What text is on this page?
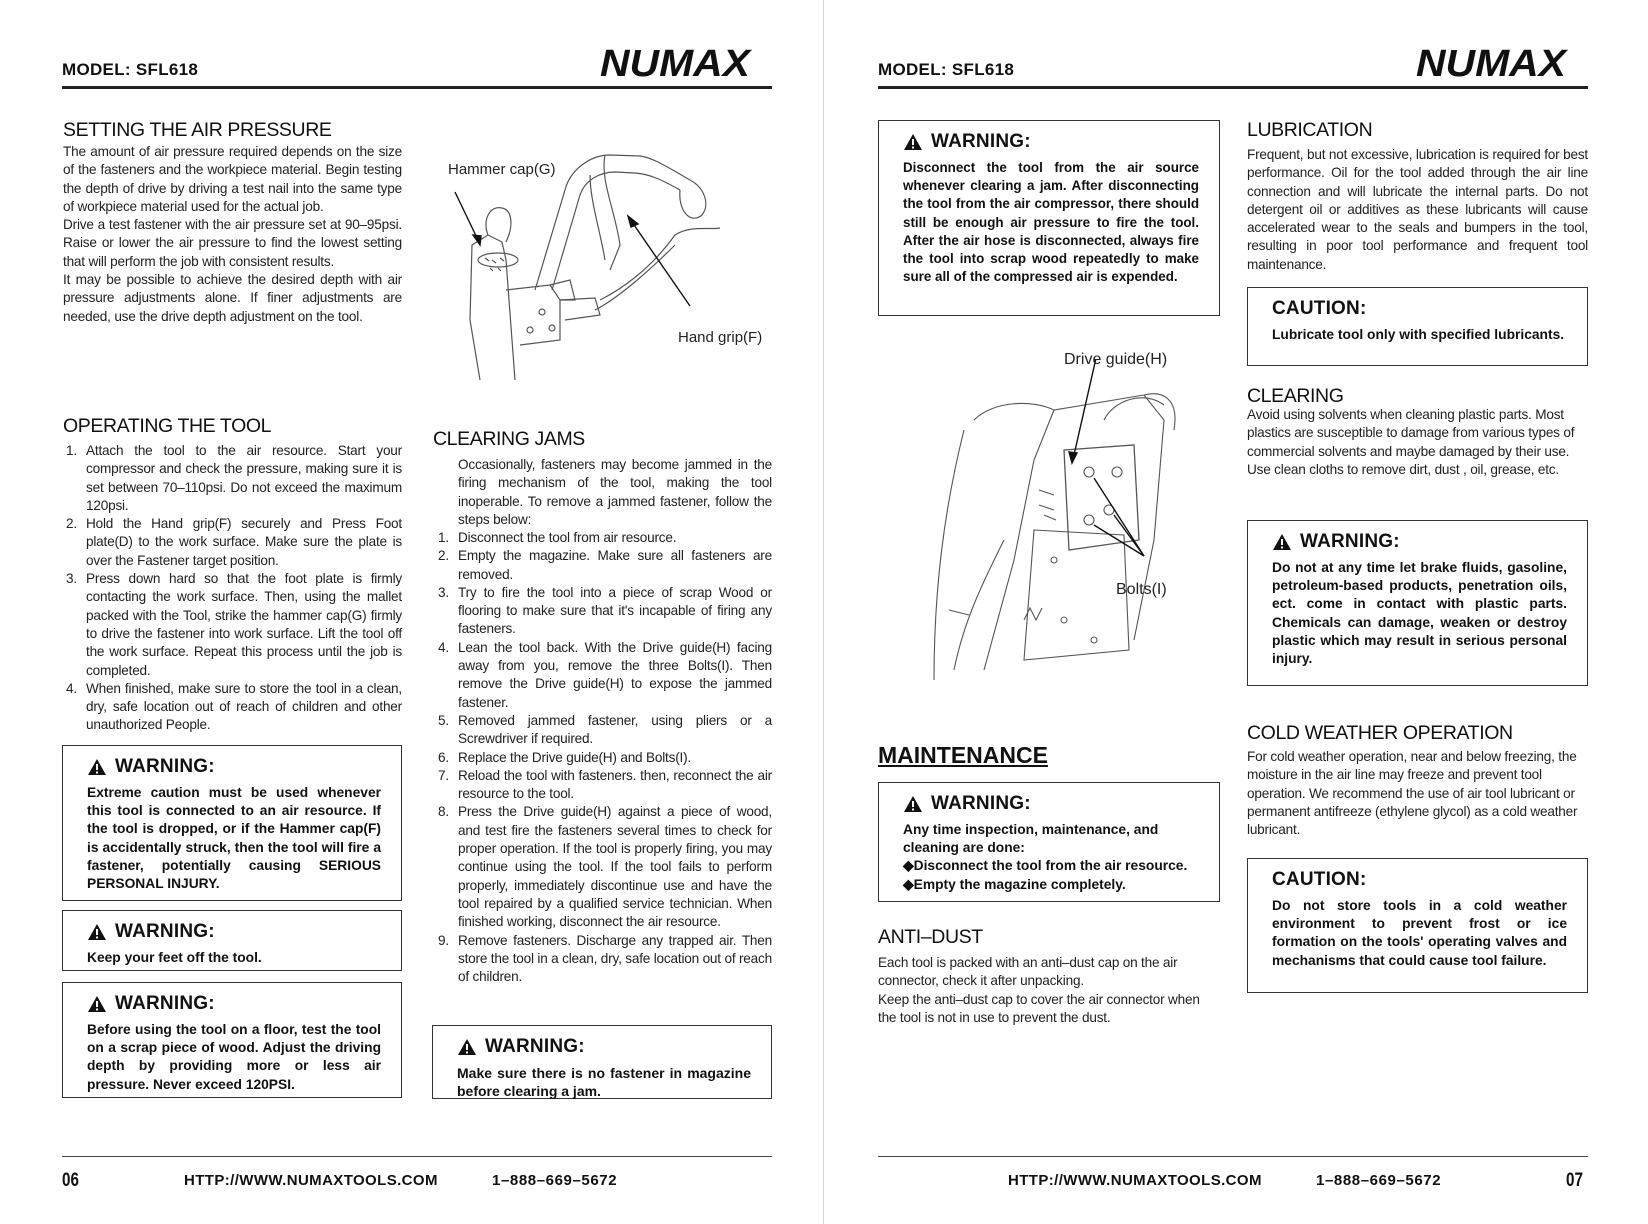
MODEL: SFL618	NUMAX
SETTING THE AIR PRESSURE

The amount of air pressure required depends on the size of the fasteners and the workpiece material. Begin testing the depth of drive by driving a test nail into the same type of workpiece material used for the actual job.

Drive a test fastener with the air pressure set at 90–95psi. Raise or lower the air pressure to find the lowest setting that will perform the job with consistent results.

It may be possible to achieve the desired depth with air pressure adjustments alone. If finer adjustments are needed, use the drive depth adjustment on the tool.

Hammer cap(G)
Hand grip(F)
OPERATING THE TOOL
1. Attach the tool to the air resource. Start your compressor and check the pressure, making sure it is set between 70–110psi. Do not exceed the maximum 120psi.
2. Hold the Hand grip(F) securely and Press Foot plate(D) to the work surface. Make sure the plate is over the Fastener target position.
3. Press down hard so that the foot plate is firmly contacting the work surface. Then, using the mallet packed with the Tool, strike the hammer cap(G) firmly to drive the fastener into work surface. Lift the tool off the work surface. Repeat this process until the job is completed.
4. When finished, make sure to store the tool in a clean, dry, safe location out of reach of children and other unauthorized People.
WARNING:
Extreme caution must be used whenever this tool is connected to an air resource. If the tool is dropped, or if the Hammer cap(F) is accidentally struck, then the tool will fire a fastener, potentially causing SERIOUS PERSONAL INJURY.
WARNING:
Keep your feet off the tool.
WARNING:
Before using the tool on a floor, test the tool on a scrap piece of wood. Adjust the driving depth by providing more or less air pressure. Never exceed 120PSI.
CLEARING JAMS
Occasionally, fasteners may become jammed in the firing mechanism of the tool, making the tool inoperable. To remove a jammed fastener, follow the steps below:
1. Disconnect the tool from air resource.
2. Empty the magazine. Make sure all fasteners are removed.
3. Try to fire the tool into a piece of scrap Wood or flooring to make sure that it's incapable of firing any fasteners.
4. Lean the tool back. With the Drive guide(H) facing away from you, remove the three Bolts(I). Then remove the Drive guide(H) to expose the jammed fastener.
5. Removed jammed fastener, using pliers or a Screwdriver if required.
6. Replace the Drive guide(H) and Bolts(I).
7. Reload the tool with fasteners. then, reconnect the air resource to the tool.
8. Press the Drive guide(H) against a piece of wood, and test fire the fasteners several times to check for proper operation. If the tool is properly firing, you may continue using the tool. If the tool fails to perform properly, immediately discontinue use and have the tool repaired by a qualified service technician. When finished working, disconnect the air resource.
9. Remove fasteners. Discharge any trapped air. Then store the tool in a clean, dry, safe location out of reach of children.
WARNING:
Make sure there is no fastener in magazine before clearing a jam.
06	HTTP://WWW.NUMAXTOOLS.COM	1–888–669–5672
MODEL: SFL618	NUMAX
WARNING:
Disconnect the tool from the air source whenever clearing a jam. After disconnecting the tool from the air compressor, there should still be enough air pressure to fire the tool. After the air hose is disconnected, always fire the tool into scrap wood repeatedly to make sure all of the compressed air is expended.
Drive guide(H)
Bolts(I)
MAINTENANCE
WARNING:

Any time inspection, maintenance, and cleaning are done:

◆Disconnect the tool from the air resource.

◆Empty the magazine completely.

ANTI–DUST

Each tool is packed with an anti–dust cap on the air connector, check it after unpacking.

Keep the anti–dust cap to cover the air connector when the tool is not in use to prevent the dust.

LUBRICATION
Frequent, but not excessive, lubrication is required for best performance. Oil for the tool added through the air line connection and will lubricate the internal parts. Do not detergent oil or additives as these lubricants will cause accelerated wear to the seals and bumpers in the tool, resulting in poor tool performance and frequent tool maintenance.
CAUTION:
Lubricate tool only with specified lubricants.
CLEARING
Avoid using solvents when cleaning plastic parts. Most plastics are susceptible to damage from various types of commercial solvents and maybe damaged by their use. Use clean cloths to remove dirt, dust , oil, grease, etc.
WARNING:
Do not at any time let brake fluids, gasoline, petroleum-based products, penetration oils, ect. come in contact with plastic parts. Chemicals can damage, weaken or destroy plastic which may result in serious personal injury.
COLD WEATHER OPERATION
For cold weather operation, near and below freezing, the moisture in the air line may freeze and prevent tool operation. We recommend the use of air tool lubricant or permanent antifreeze (ethylene glycol) as a cold weather lubricant.
CAUTION:
Do not store tools in a cold weather environment to prevent frost or ice formation on the tools' operating valves and mechanisms that could cause tool failure.
HTTP://WWW.NUMAXTOOLS.COM	1–888–669–5672	07
